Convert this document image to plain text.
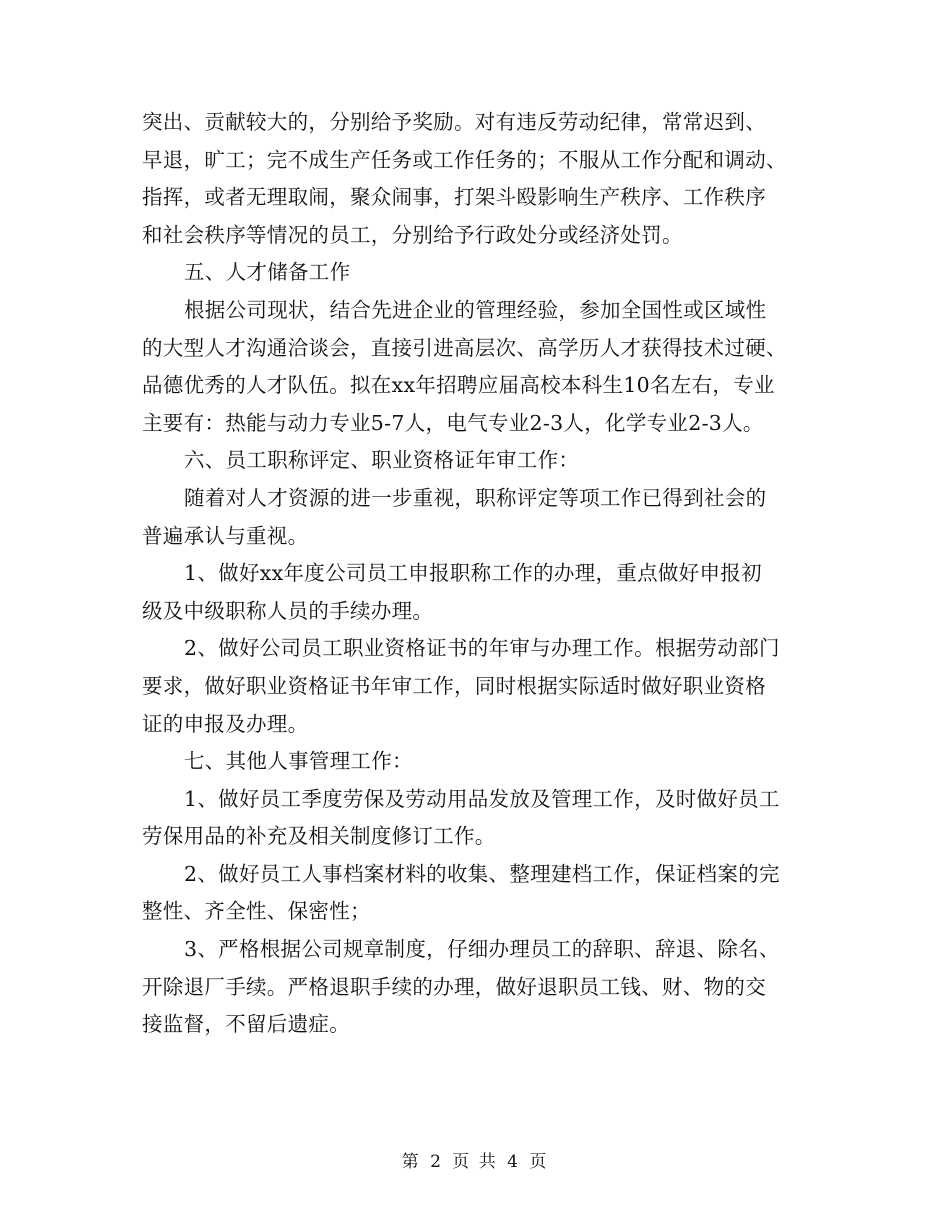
突出、贡献较大的，分别给予奖励。对有违反劳动纪律，常常迟到、
早退，旷工；完不成生产任务或工作任务的；不服从工作分配和调动、
指挥，或者无理取闹，聚众闹事，打架斗殴影响生产秩序、工作秩序
和社会秩序等情况的员工，分别给予行政处分或经济处罚。
五、人才储备工作
根据公司现状，结合先进企业的管理经验，参加全国性或区域性
的大型人才沟通洽谈会，直接引进高层次、高学历人才获得技术过硬、
品德优秀的人才队伍。拟在xx年招聘应届高校本科生10名左右，专业
主要有：热能与动力专业5-7人，电气专业2-3人，化学专业2-3人。
六、员工职称评定、职业资格证年审工作：
随着对人才资源的进一步重视，职称评定等项工作已得到社会的
普遍承认与重视。
1、做好xx年度公司员工申报职称工作的办理，重点做好申报初
级及中级职称人员的手续办理。
2、做好公司员工职业资格证书的年审与办理工作。根据劳动部门
要求，做好职业资格证书年审工作，同时根据实际适时做好职业资格
证的申报及办理。
七、其他人事管理工作：
1、做好员工季度劳保及劳动用品发放及管理工作，及时做好员工
劳保用品的补充及相关制度修订工作。
2、做好员工人事档案材料的收集、整理建档工作，保证档案的完
整性、齐全性、保密性；
3、严格根据公司规章制度，仔细办理员工的辞职、辞退、除名、
开除退厂手续。严格退职手续的办理，做好退职员工钱、财、物的交
接监督，不留后遗症。
第 2 页 共 4 页
